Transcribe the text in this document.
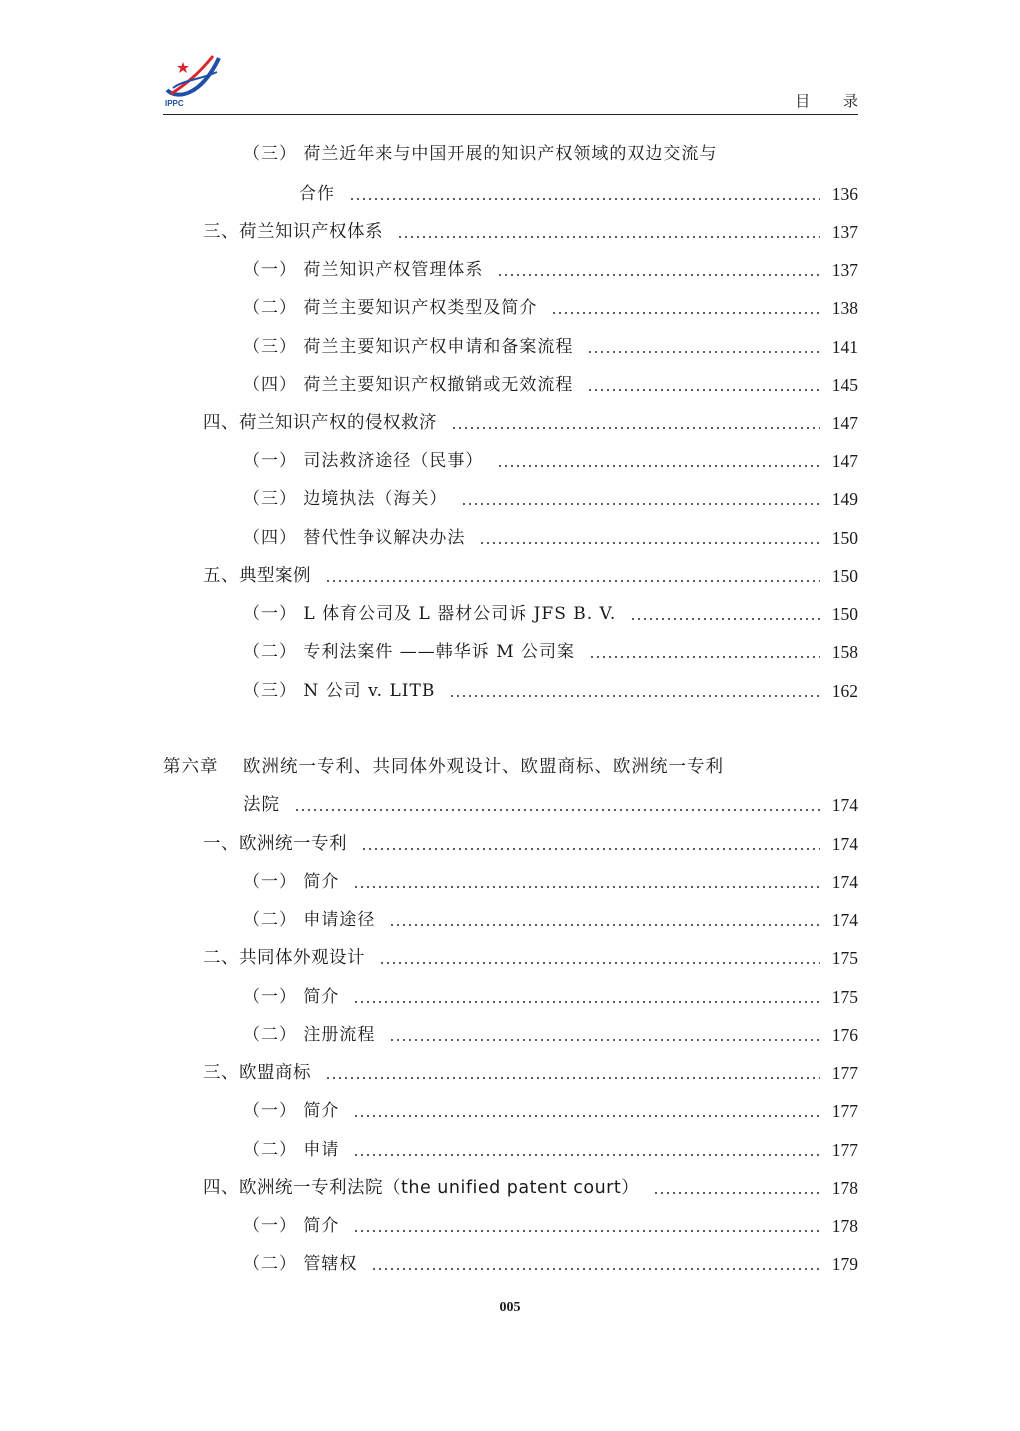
IPPC	目 录
（三） 荷兰近年来与中国开展的知识产权领域的双边交流与
合作	136
三、荷兰知识产权体系	137
（一） 荷兰知识产权管理体系	137
（二） 荷兰主要知识产权类型及简介	138
（三） 荷兰主要知识产权申请和备案流程	141
（四） 荷兰主要知识产权撤销或无效流程	145
四、荷兰知识产权的侵权救济	147
（一） 司法救济途径（民事）	147
（三） 边境执法（海关）	149
（四） 替代性争议解决办法	150
五、典型案例	150
（一） L 体育公司及 L 器材公司诉 JFS B. V.	150
（二） 专利法案件 ——韩华诉 M 公司案	158
（三） N 公司 v. LITB	162
第六章 欧洲统一专利、共同体外观设计、欧盟商标、欧洲统一专利
法院	174
一、欧洲统一专利	174
（一） 简介	174
（二） 申请途径	174
二、共同体外观设计	175
（一） 简介	175
（二） 注册流程	176
三、欧盟商标	177
（一） 简介	177
（二） 申请	177
四、欧洲统一专利法院（the unified patent court）	178
（一） 简介	178
（二） 管辖权	179
005
